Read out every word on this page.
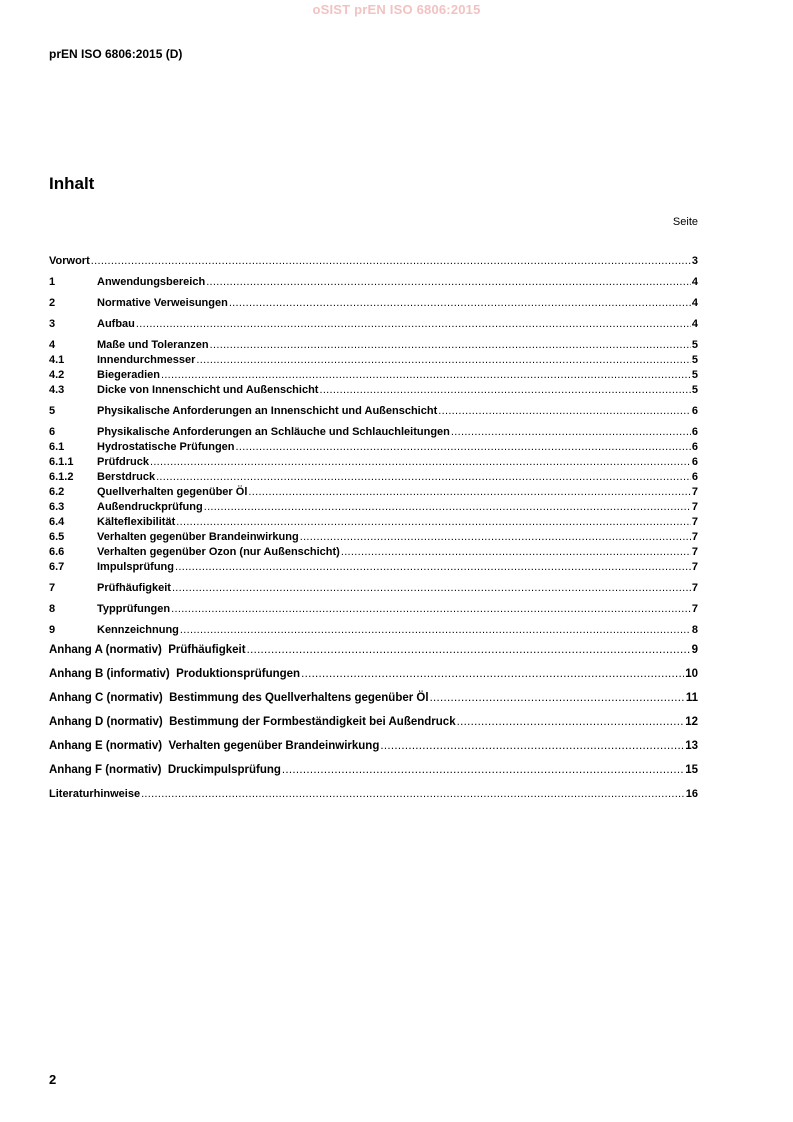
oSIST prEN ISO 6806:2015
prEN ISO 6806:2015 (D)
Inhalt
Seite
Vorwort .....	3
1	Anwendungsbereich .....	4
2	Normative Verweisungen .....	4
3	Aufbau .....	4
4	Maße und Toleranzen .....	5
4.1	Innendurchmesser .....	5
4.2	Biegeradien .....	5
4.3	Dicke von Innenschicht und Außenschicht .....	5
5	Physikalische Anforderungen an Innenschicht und Außenschicht .....	6
6	Physikalische Anforderungen an Schläuche und Schlauchleitungen .....	6
6.1	Hydrostatische Prüfungen .....	6
6.1.1	Prüfdruck .....	6
6.1.2	Berstdruck .....	6
6.2	Quellverhalten gegenüber Öl .....	7
6.3	Außendruckprüfung .....	7
6.4	Kälteflexibilität .....	7
6.5	Verhalten gegenüber Brandeinwirkung .....	7
6.6	Verhalten gegenüber Ozon (nur Außenschicht) .....	7
6.7	Impulsprüfung .....	7
7	Prüfhäufigkeit .....	7
8	Typprüfungen .....	7
9	Kennzeichnung .....	8
Anhang A (normativ)  Prüfhäufigkeit .....	9
Anhang B (informativ)  Produktionsprüfungen .....	10
Anhang C (normativ)  Bestimmung des Quellverhaltens gegenüber Öl .....	11
Anhang D (normativ)  Bestimmung der Formbeständigkeit bei Außendruck .....	12
Anhang E (normativ)  Verhalten gegenüber Brandeinwirkung .....	13
Anhang F (normativ)  Druckimpulsprüfung .....	15
Literaturhinweise .....	16
2
